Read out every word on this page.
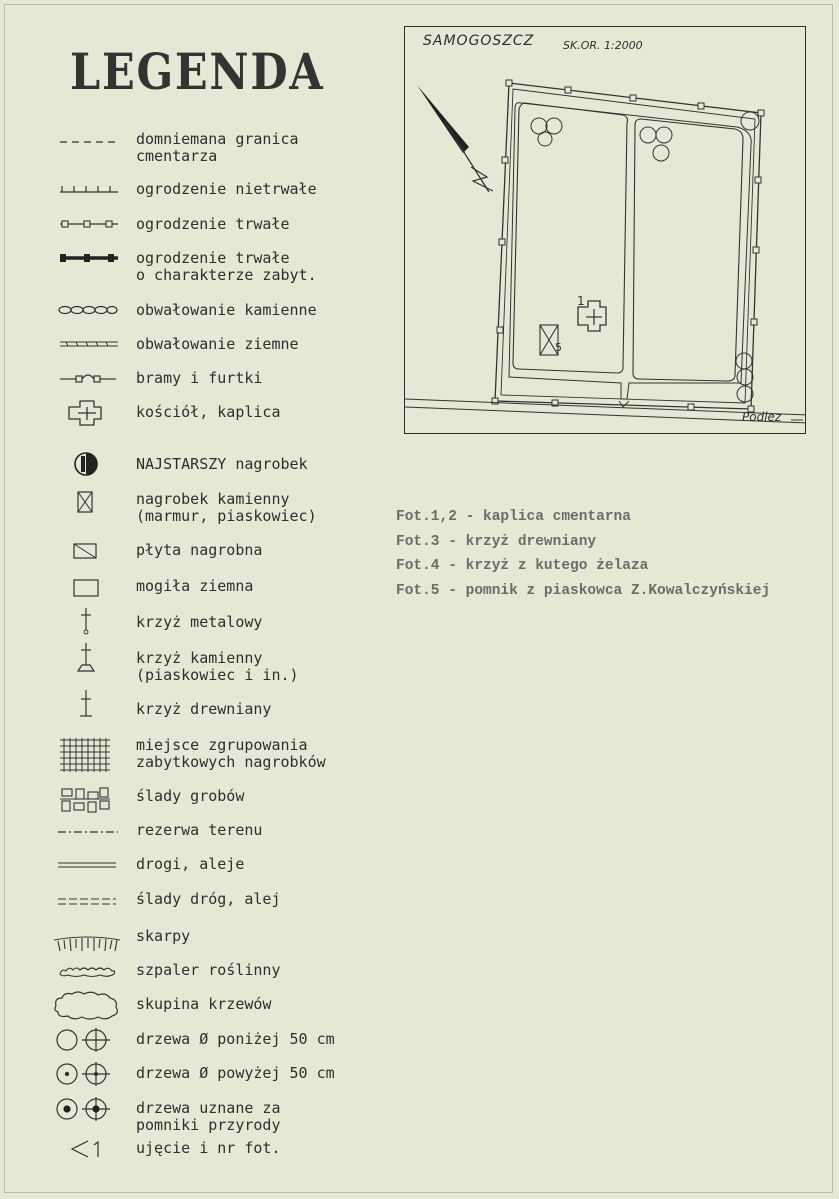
LEGENDA
domniemana granica
cmentarza
ogrodzenie nietrwałe
ogrodzenie trwałe
ogrodzenie trwałe
o charakterze zabyt.
obwałowanie kamienne
obwałowanie ziemne
bramy i furtki
kościół, kaplica
NAJSTARSZY nagrobek
nagrobek kamienny
(marmur, piaskowiec)
płyta nagrobna
mogiła ziemna
krzyż metalowy
krzyż kamienny
(piaskowiec i in.)
krzyż drewniany
miejsce zgrupowania
zabytkowych nagrobków
ślady grobów
rezerwa terenu
drogi, aleje
ślady dróg, alej
skarpy
szpaler roślinny
skupina krzewów
drzewa Ø poniżej 50 cm
drzewa Ø powyżej 50 cm
drzewa uznane za
pomniki przyrody
ujęcie i nr fot.
1
5
SAMOGOSZCZ	SK.OR. 1:2000
Podlez
Fot.1,2 - kaplica cmentarna
Fot.3 - krzyż drewniany
Fot.4 - krzyż z kutego żelaza
Fot.5 - pomnik z piaskowca Z.Kowalczyńskiej
